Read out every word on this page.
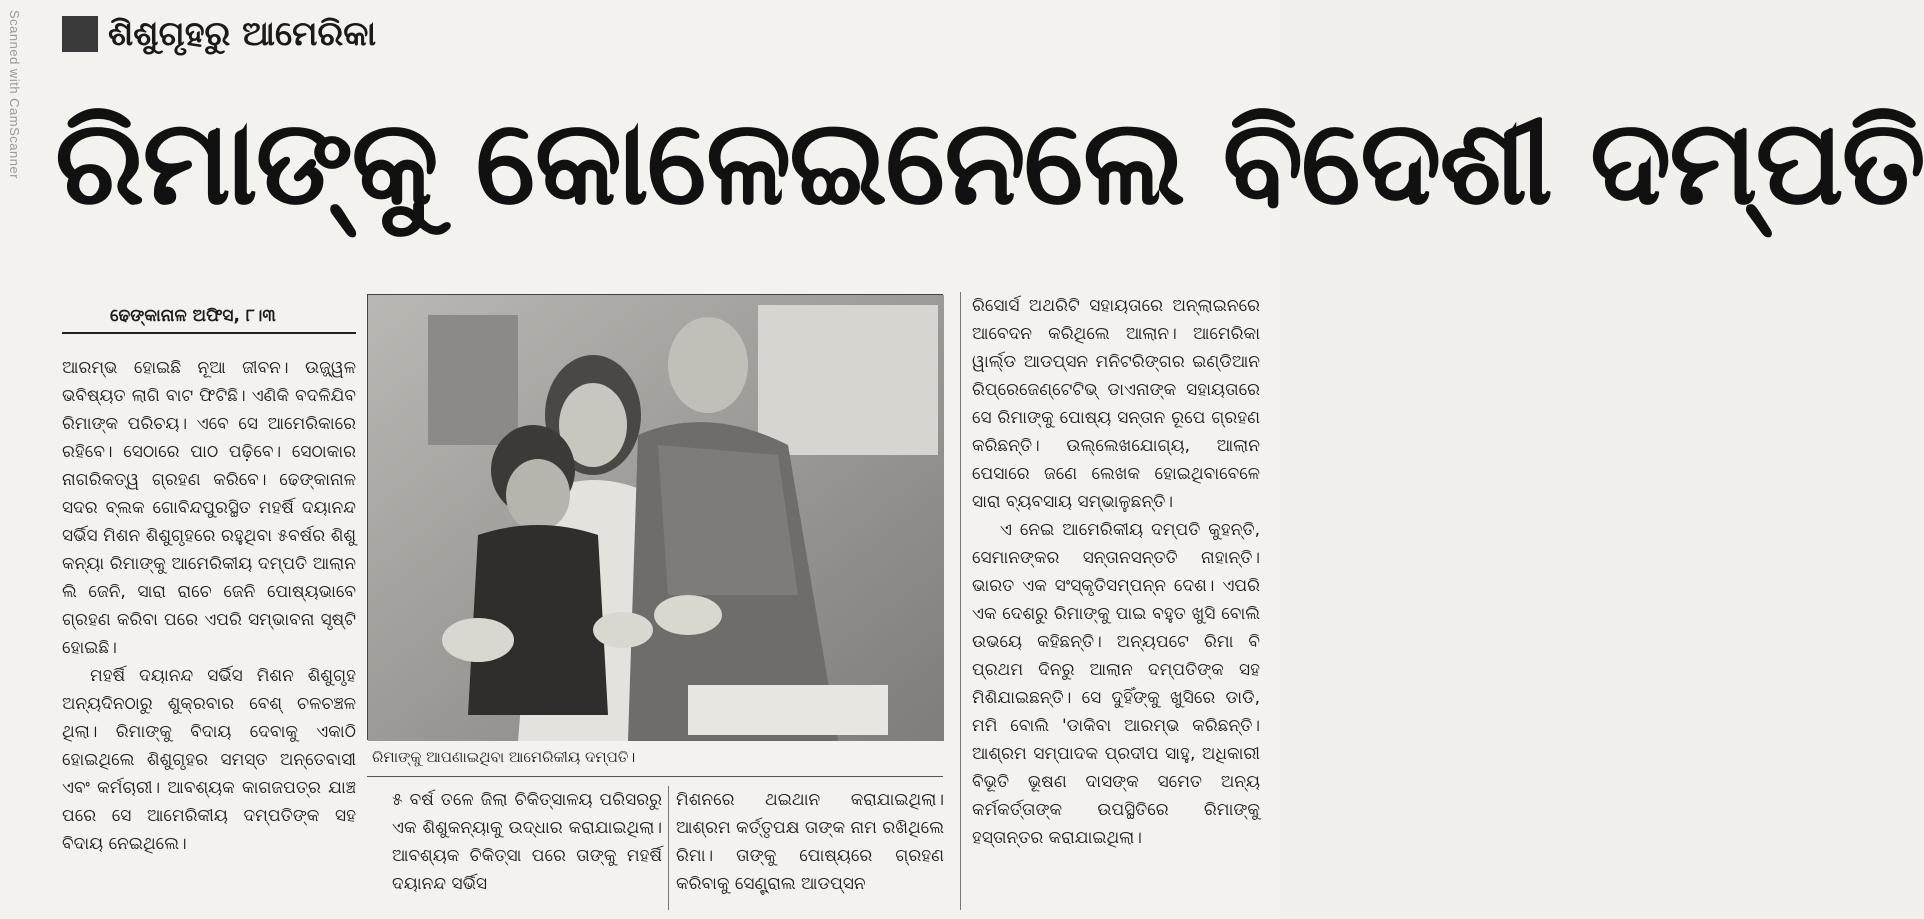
Scanned with CamScanner	ଶିଶୁଗୃହରୁ ଆମେରିକା
ରିମାଙ୍କୁ କୋଳେଇନେଲେ ବିଦେଶୀ ଦମ୍ପତି
ଢେଙ୍କାନାଳ ଅଫିସ, ୮।୩

ଆରମ୍ଭ ହୋଇଛି ନୂଆ ଜୀବନ। ଉଜ୍ଜ୍ୱଳ ଭବିଷ୍ୟତ ଲାଗି ବାଟ ଫିଟିଛି। ଏଣିକି ବଦଳିଯିବ ରିମାଙ୍କ ପରିଚୟ। ଏବେ ସେ ଆମେରିକାରେ ରହିବେ। ସେଠାରେ ପାଠ ପଢ଼ିବେ। ସେଠାକାର ନାଗରିକତ୍ୱ ଗ୍ରହଣ କରିବେ। ଢେଙ୍କାନାଳ ସଦର ବ୍ଲକ ଗୋବିନ୍ଦପୁରସ୍ଥିତ ମହର୍ଷି ଦୟାନନ୍ଦ ସର୍ଭିସ ମିଶନ ଶିଶୁଗୃହରେ ରହୁଥିବା ୫ବର୍ଷର ଶିଶୁ କନ୍ୟା ରିମାଙ୍କୁ ଆମେରିକୀୟ ଦମ୍ପତି ଆଲାନ ଲି ଜେନି, ସାରା ରାଚେ ଜେନି ପୋଷ୍ୟଭାବେ ଗ୍ରହଣ କରିବା ପରେ ଏପରି ସମ୍ଭାବନା ସୃଷ୍ଟି ହୋଇଛି।

ମହର୍ଷି ଦୟାନନ୍ଦ ସର୍ଭିସ ମିଶନ ଶିଶୁଗୃହ ଅନ୍ୟଦିନଠାରୁ ଶୁକ୍ରବାର ବେଶ୍ ଚଳଚଞ୍ଚଳ ଥିଲା। ରିମାଙ୍କୁ ବିଦାୟ ଦେବାକୁ ଏକାଠି ହୋଇଥିଲେ ଶିଶୁଗୃହର ସମସ୍ତ ଅନ୍ତେବାସୀ ଏବଂ କର୍ମଚାରୀ। ଆବଶ୍ୟକ କାଗଜପତ୍ର ଯାଞ୍ଚ ପରେ ସେ ଆମେରିକୀୟ ଦମ୍ପତିଙ୍କ ସହ ବିଦାୟ ନେଇଥିଲେ।

ରିମାଙ୍କୁ ଆପଣାଇଥିବା ଆମେରିକୀୟ ଦମ୍ପତି।

୫ ବର୍ଷ ତଳେ ଜିଲା ଚିକିତ୍ସାଳୟ ପରିସରରୁ ଏକ ଶିଶୁକନ୍ୟାକୁ ଉଦ୍ଧାର କରାଯାଇଥିଲା। ଆବଶ୍ୟକ ଚିକିତ୍ସା ପରେ ତାଙ୍କୁ ମହର୍ଷି ଦୟାନନ୍ଦ ସର୍ଭିସ

ମିଶନରେ ଥଇଥାନ କରାଯାଇଥିଲା। ଆଶ୍ରମ କର୍ତ୍ତୃପକ୍ଷ ତାଙ୍କ ନାମ ରଖିଥିଲେ ରିମା। ତାଙ୍କୁ ପୋଷ୍ୟରେ ଗ୍ରହଣ କରିବାକୁ ସେଣ୍ଟ୍ରାଲ ଆଡପ୍ସନ

ରିସୋର୍ସ ଅଥରିଟି ସହାୟତାରେ ଅନ୍‌ଲାଇନରେ ଆବେଦନ କରିଥିଲେ ଆଲାନ। ଆମେରିକା ୱାର୍ଲ୍ଡ ଆଡପ୍ସନ ମନିଟରିଙ୍ଗର ଇଣ୍ଡିଆନ ରିପ୍ରେଜେଣ୍ଟେଟିଭ୍ ଡାଏନାଙ୍କ ସହାୟତାରେ ସେ ରିମାଙ୍କୁ ପୋଷ୍ୟ ସନ୍ତାନ ରୂପେ ଗ୍ରହଣ କରିଛନ୍ତି। ଉଲ୍ଲେଖଯୋଗ୍ୟ, ଆଲାନ ପେସାରେ ଜଣେ ଲେଖକ ହୋଇଥିବାବେଳେ ସାରା ବ୍ୟବସାୟ ସମ୍ଭାଳୁଛନ୍ତି।

ଏ ନେଇ ଆମେରିକୀୟ ଦମ୍ପତି କୁହନ୍ତି, ସେମାନଙ୍କର ସନ୍ତାନସନ୍ତତି ନାହାନ୍ତି। ଭାରତ ଏକ ସଂସ୍କୃତିସମ୍ପନ୍ନ ଦେଶ। ଏପରି ଏକ ଦେଶରୁ ରିମାଙ୍କୁ ପାଇ ବହୁତ ଖୁସି ବୋଲି ଉଭୟେ କହିଛନ୍ତି। ଅନ୍ୟପଟେ ରିମା ବି ପ୍ରଥମ ଦିନରୁ ଆଲାନ ଦମ୍ପତିଙ୍କ ସହ ମିଶିଯାଇଛନ୍ତି। ସେ ଦୁହିଁଙ୍କୁ ଖୁସିରେ ଡାଡି, ମମି ବୋଲି 'ଡାକିବା ଆରମ୍ଭ କରିଛନ୍ତି। ଆଶ୍ରମ ସମ୍ପାଦକ ପ୍ରଦୀପ ସାହୁ, ଅଧିକାରୀ ବିଭୂତି ଭୂଷଣ ଦାସଙ୍କ ସମେତ ଅନ୍ୟ କର୍ମକର୍ତ୍ତାଙ୍କ ଉପସ୍ଥିତିରେ ରିମାଙ୍କୁ ହସ୍ତାନ୍ତର କରାଯାଇଥିଲା।
